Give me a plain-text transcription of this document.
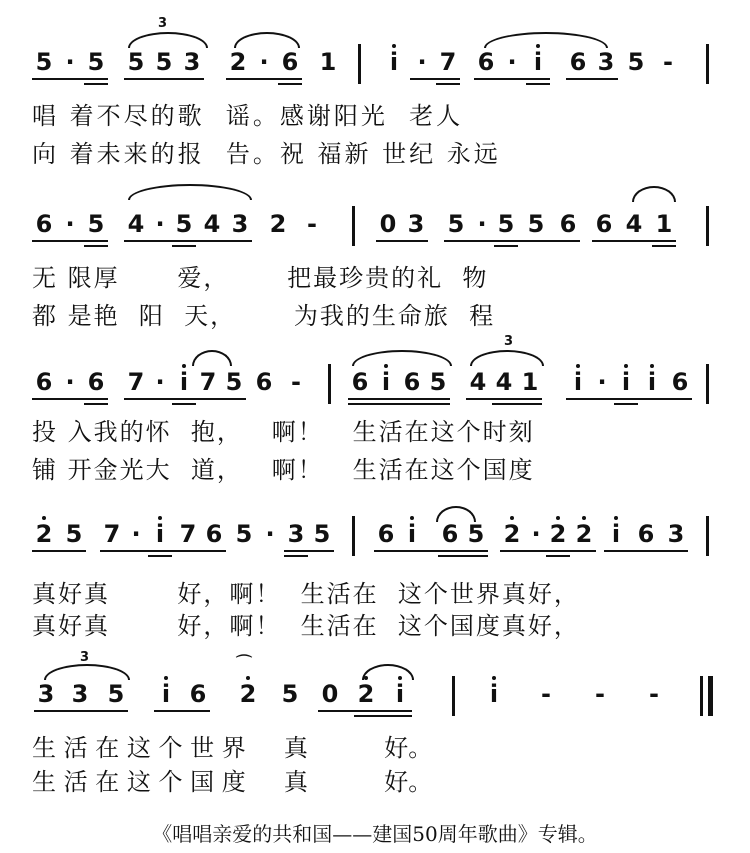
3
5 · 5 5 5 3 2 · 6 1	i · 7 6 · i	6 3 5 -
唱 着不尽的歌  谣。感谢阳光  老人
向 着未来的报  告。祝 福新 世纪 永远
6 · 5 4 · 5 4 3 2 -	0 3 5 · 5 5 6 6 4 1
无 限厚      爱，      把最珍贵的礼  物
都 是艳  阳  天，      为我的生命旅  程
3
6 · 6 7 · i 7 5 6 - 6 i 6 5 4 4 1	i · i i 6
投 入我的怀  抱，   啊！   生活在这个时刻
铺 开金光大  道，   啊！   生活在这个国度
2 5 7 · i 7 6 5 · 3 5 6 i	6 5 2 · 2 2 i 6 3
真好真       好，啊！  生活在  这个世界真好，
真好真       好，啊！  生活在  这个国度真好，
3	⌒
3 3 5	i 6 2 5 0 2 i	i	- - -
生 活 在 这 个 世 界     真          好。
生 活 在 这 个 国 度     真          好。
《唱唱亲爱的共和国——建国50周年歌曲》专辑。
